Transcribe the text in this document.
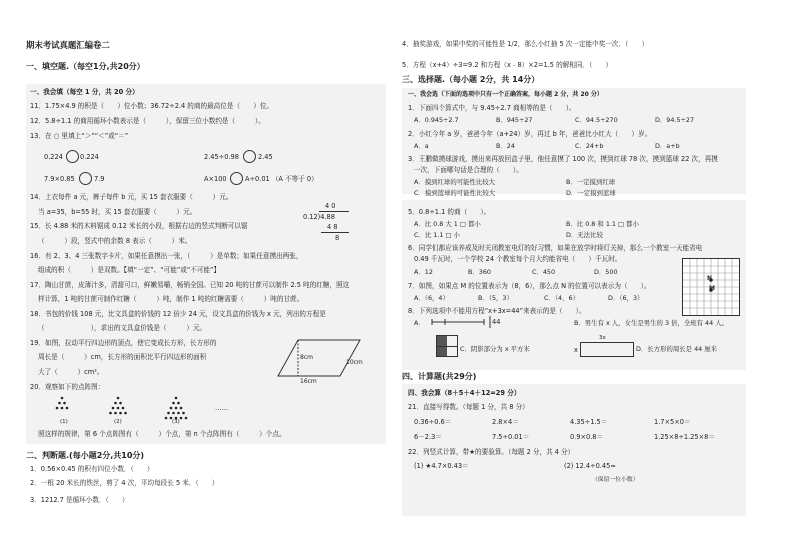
期末考试真题汇编卷二
一、填空题.（每空1分,共20分）
一、我会填（每空 1 分，共 20 分）
11．1.75×4.9 的积是（　　）位小数；36.72÷2.4 的商的最高位是（　　）位。
12．5.8÷1.1 的商用循环小数表示是（　　　），保留三位小数约是（　　　）。
13．在 ○ 里填上“＞”“＜”或“＝”
0.224̇	0.224	2.45÷0.98	2.45
7.9×0.85	7.9	A×100	A÷0.01 （A 不等于 0）
14．上衣每件 a 元，裤子每件 b 元，买 15 套衣服要（　　　）元。
当 a=35，b=55 时，买 15 套衣服要（　　　）元。
15．长 4.88 米的木料锯成 0.12 米长的小段，根据右边的竖式判断可以锯
（　　　）段，竖式中的余数 8 表示（　　　）米。
4 0
0.12)4.88
4 8
8
16．有 2、3、4 三张数字卡片，如果任意摸出一张，（　　　）是单数；如果任意摸出两张，
组成的积（　　　）是双数。【填“一定”、“可能”或“不可能”】
17．陶山甘蔗，皮薄汁多，清甜可口，鲜嫩易嚼，畅销全国。已知 20 吨的甘蔗可以制作 2.5 吨的红糖，照这
样计算，1 吨的甘蔗可制作红糖（　　　）吨，制作 1 吨的红糖需要（　　　）吨的甘蔗。
18．书包的价钱 108 元，比文具盒的价钱的 12 倍少 24 元，设文具盒的价钱为 x 元，列出的方程是
（　　　　　　　），求出的文具盒价钱是（　　　）元。
19．如图，拉动平行四边形的顶点，使它变成长方形，长方形的
周长是（　　　）cm，长方形的面积比平行四边形的面积
大了（　　　）cm²。
8cm
10cm
16cm
20．观察如下的点阵图：
(1)	(2)	(3)
……
照这样的规律，第 6 个点阵图有（　　　）个点，第 n 个点阵图有（　　　）个点。
二、判断题.(每小题2分,共10分)
1．0.56×0.45 的积有四位小数．（　　）
2．一根 20 米长的铁丝，剪了 4 次，平均每段长 5 米．（　　）
3．1212.7 是循环小数．（　　）
4．抽奖游戏，如果中奖的可能性是 1/2，那么小红抽 5 次一定能中奖一次．（　　）
5．方程（x+4）÷3=9.2 和方程（x﹣8）×2=1.5 的解相同．（　　）
三、选择题.（每小题 2分，共 14分）
一、我会选（下面的选项中只有一个正确答案，每小题 2 分，共 20 分）
1．下面四个算式中，与 9.45÷2.7 商相等的是（　　）。
A．0.945÷2.7	B．945÷27	C．94.5÷270	D．94.5÷27
2．小红今年 a 岁，爸爸今年（a+24）岁，再过 b 年，爸爸比小红大（　　）岁。
A．a	B．24	C．24+b	D．a+b
3．王鹏做摸球游戏，摸出来再放回盒子里，他任意摸了 100 次，摸到红球 78 次，摸到篮球 22 次，再摸
一次，下面哪句话是合理的（　　）。
A．摸到红球的可能性比较大	B．一定摸到红球
C．摸到篮球的可能性比较大	D．一定摸到蓝球
5．0.8÷1.1 的商（　　）。
A．比 0.8 大 1 □ 都小	B．比 0.8 和 1.1 □ 都小
C．比 1.1 □ 小	D．无法比较
6．同学们都应该养成及时关闭教室电灯的好习惯，如果在放学时将灯关掉，那么一个教室一天能省电
0.49 千瓦时，一个学校 24 个教室每个月大约能省电（　　）千瓦时。
A．12	B．360	C．450	D．500
N
M
7．如图，如果点 M 的位置表示为（8，6），那么点 N 的位置可以表示为（　　）。
A．（6，4）	B．（5，3）	C．（4，6）	D．（6，3）
8．下列选项中不能用方程“x+3x=44”来表示的是（　　）。
A．	44	B．男生有 x 人，女生是男生的 3 倍，全班有 44 人。
C．阴影部分为 x 平方米	x
3x
D．长方形的周长是 44 厘米
四、计算题(共29分)
四、我会算（8＋5＋4＋12=29 分）
21．直接写得数。（每题 1 分，共 8 分）
0.36÷0.6＝	2.8×4＝	4.35÷1.5＝	1.7×5×0＝
6－2.3＝	7.5÷0.01＝	0.9×0.8＝	1.25×8÷1.25×8＝
22．列竖式计算，带★的要验算。（每题 2 分，共 4 分）
(1) ★4.7×0.43＝	(2) 12.4÷0.45≈
（保留一位小数）
